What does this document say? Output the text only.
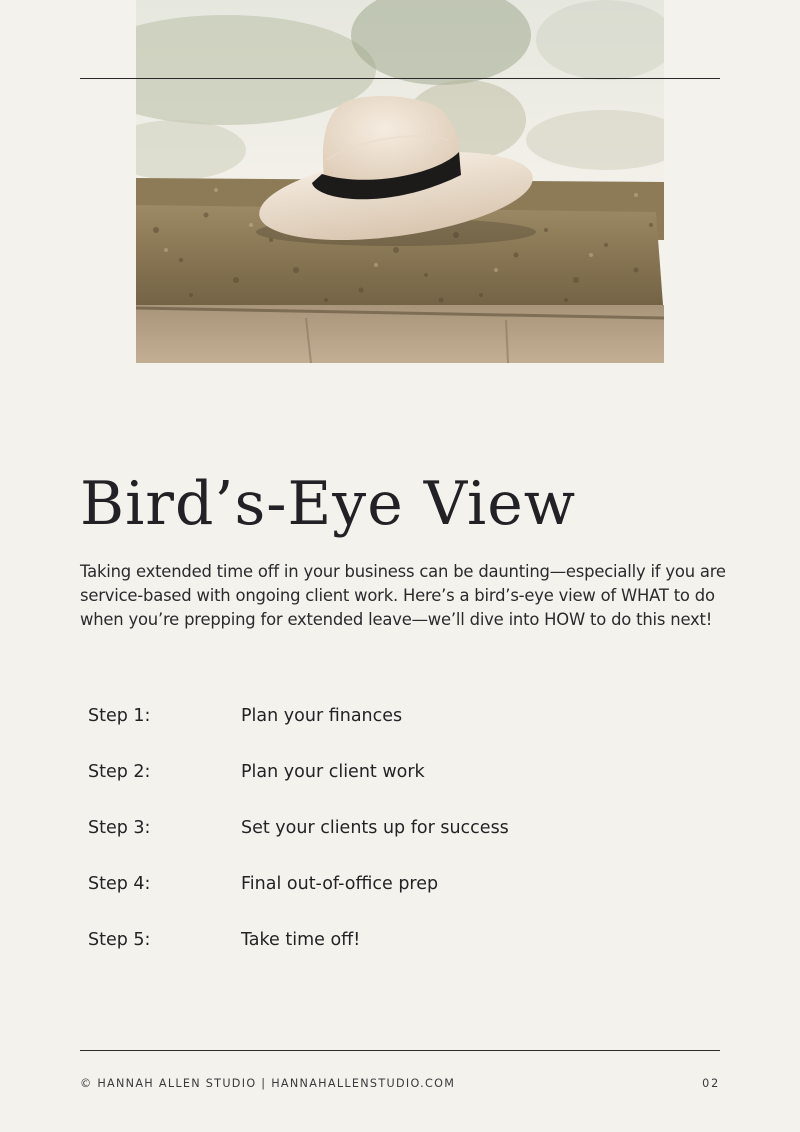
Bird’s-Eye View

Taking extended time off in your business can be daunting—especially if you are service-based with ongoing client work. Here’s a bird’s-eye view of WHAT to do when you’re prepping for extended leave—we’ll dive into HOW to do this next!

Step 1:	Plan your finances
Step 2:	Plan your client work
Step 3:	Set your clients up for success
Step 4:	Final out-of-office prep
Step 5:	Take time off!
© HANNAH ALLEN STUDIO | HANNAHALLENSTUDIO.COM	02
